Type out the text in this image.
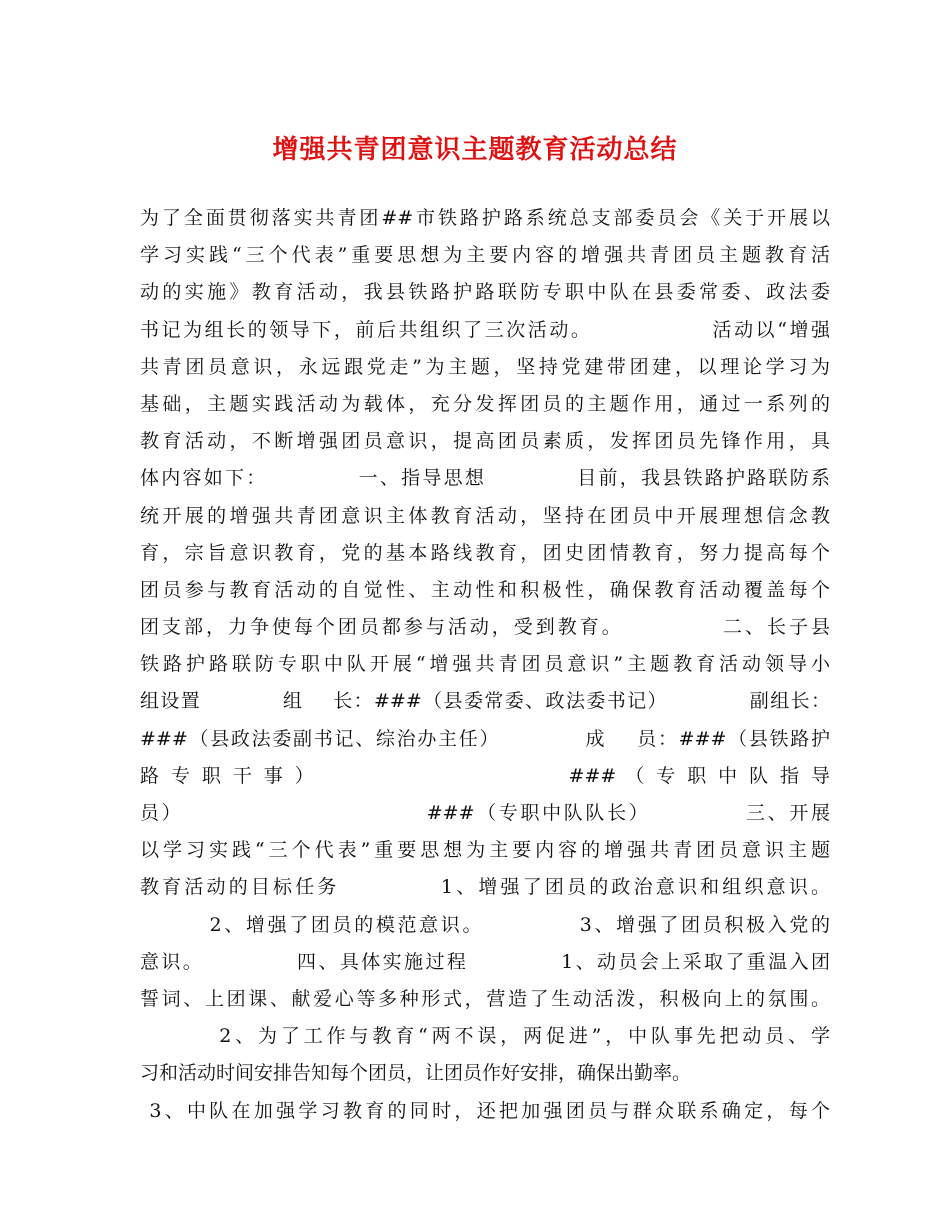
增强共青团意识主题教育活动总结
为了全面贯彻落实共青团##市铁路护路系统总支部委员会《关于开展以
学习实践“三个代表”重要思想为主要内容的增强共青团员主题教育活
动的实施》教育活动，我县铁路护路联防专职中队在县委常委、政法委
书记为组长的领导下，前后共组织了三次活动。              活动以“增强
共青团员意识，永远跟党走”为主题，坚持党建带团建，以理论学习为
基础，主题实践活动为载体，充分发挥团员的主题作用，通过一系列的
教育活动，不断增强团员意识，提高团员素质，发挥团员先锋作用，具
体内容如下：           一、指导思想           目前，我县铁路护路联防系
统开展的增强共青团意识主体教育活动，坚持在团员中开展理想信念教
育，宗旨意识教育，党的基本路线教育，团史团情教育，努力提高每个
团员参与教育活动的自觉性、主动性和积极性，确保教育活动覆盖每个
团支部，力争使每个团员都参与活动，受到教育。           二、长子县
铁路护路联防专职中队开展“增强共青团员意识”主题教育活动领导小
组设置           组    长：###（县委常委、政法委书记）           副组长：
###（县政法委副书记、综治办主任）           成    员：###（县铁路护
路 专 职 干 事 ）                            ### （ 专 职 中 队 指 导
员）                            ###（专职中队队长）           三、开展
以学习实践“三个代表”重要思想为主要内容的增强共青团员意识主题
教育活动的目标任务           1、增强了团员的政治意识和组织意识。
2、增强了团员的模范意识。           3、增强了团员积极入党的
意识。           四、具体实施过程           1、动员会上采取了重温入团
誓词、上团课、献爱心等多种形式，营造了生动活泼，积极向上的氛围。
2、为了工作与教育“两不误，两促进”，中队事先把动员、学
习和活动时间安排告知每个团员，让团员作好安排，确保出勤率。
3、中队在加强学习教育的同时，还把加强团员与群众联系确定，每个
